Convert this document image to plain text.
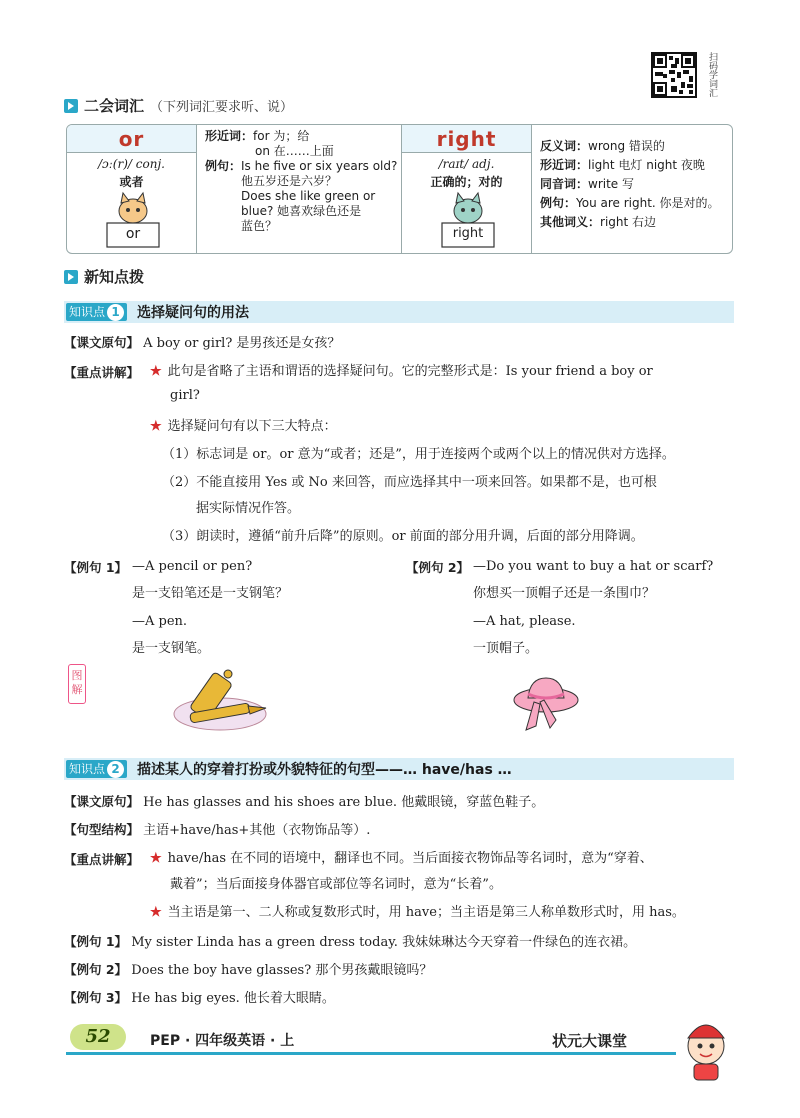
扫码学词汇
二会词汇 （下列词汇要求听、说）
or
/ɔː(r)/ conj.
或者
or
形近词：for 为；给
on 在……上面
例句： Is he five or six years old?
他五岁还是六岁？
Does she like green or
blue? 她喜欢绿色还是
蓝色？
right
/raɪt/ adj.
正确的；对的
right
反义词：wrong 错误的
形近词：light 电灯 night 夜晚
同音词：write 写
例句：You are right. 你是对的。
其他词义：right 右边
新知点拨
知识点 1	选择疑问句的用法
【课文原句】 A boy or girl? 是男孩还是女孩？
【重点讲解】 ★ 此句是省略了主语和谓语的选择疑问句。它的完整形式是：Is your friend a boy or
girl?
★ 选择疑问句有以下三大特点：
（1）标志词是 or。or 意为“或者；还是”，用于连接两个或两个以上的情况供对方选择。
（2）不能直接用 Yes 或 No 来回答，而应选择其中一项来回答。如果都不是，也可根
据实际情况作答。
（3）朗读时，遵循“前升后降”的原则。or 前面的部分用升调，后面的部分用降调。
【例句 1】 —A pencil or pen?
是一支铅笔还是一支钢笔？
—A pen.
是一支钢笔。
【例句 2】 —Do you want to buy a hat or scarf?
你想买一顶帽子还是一条围巾？
—A hat, please.
一顶帽子。
图解
知识点 2	描述某人的穿着打扮或外貌特征的句型——… have/has …
【课文原句】 He has glasses and his shoes are blue. 他戴眼镜，穿蓝色鞋子。
【句型结构】 主语+have/has+其他（衣物饰品等）.
【重点讲解】 ★ have/has 在不同的语境中，翻译也不同。当后面接衣物饰品等名词时，意为“穿着、
戴着”；当后面接身体器官或部位等名词时，意为“长着”。
★ 当主语是第一、二人称或复数形式时，用 have；当主语是第三人称单数形式时，用 has。
【例句 1】 My sister Linda has a green dress today. 我妹妹琳达今天穿着一件绿色的连衣裙。
【例句 2】 Does the boy have glasses? 那个男孩戴眼镜吗？
【例句 3】 He has big eyes. 他长着大眼睛。
52	PEP · 四年级英语 · 上	状元大课堂
